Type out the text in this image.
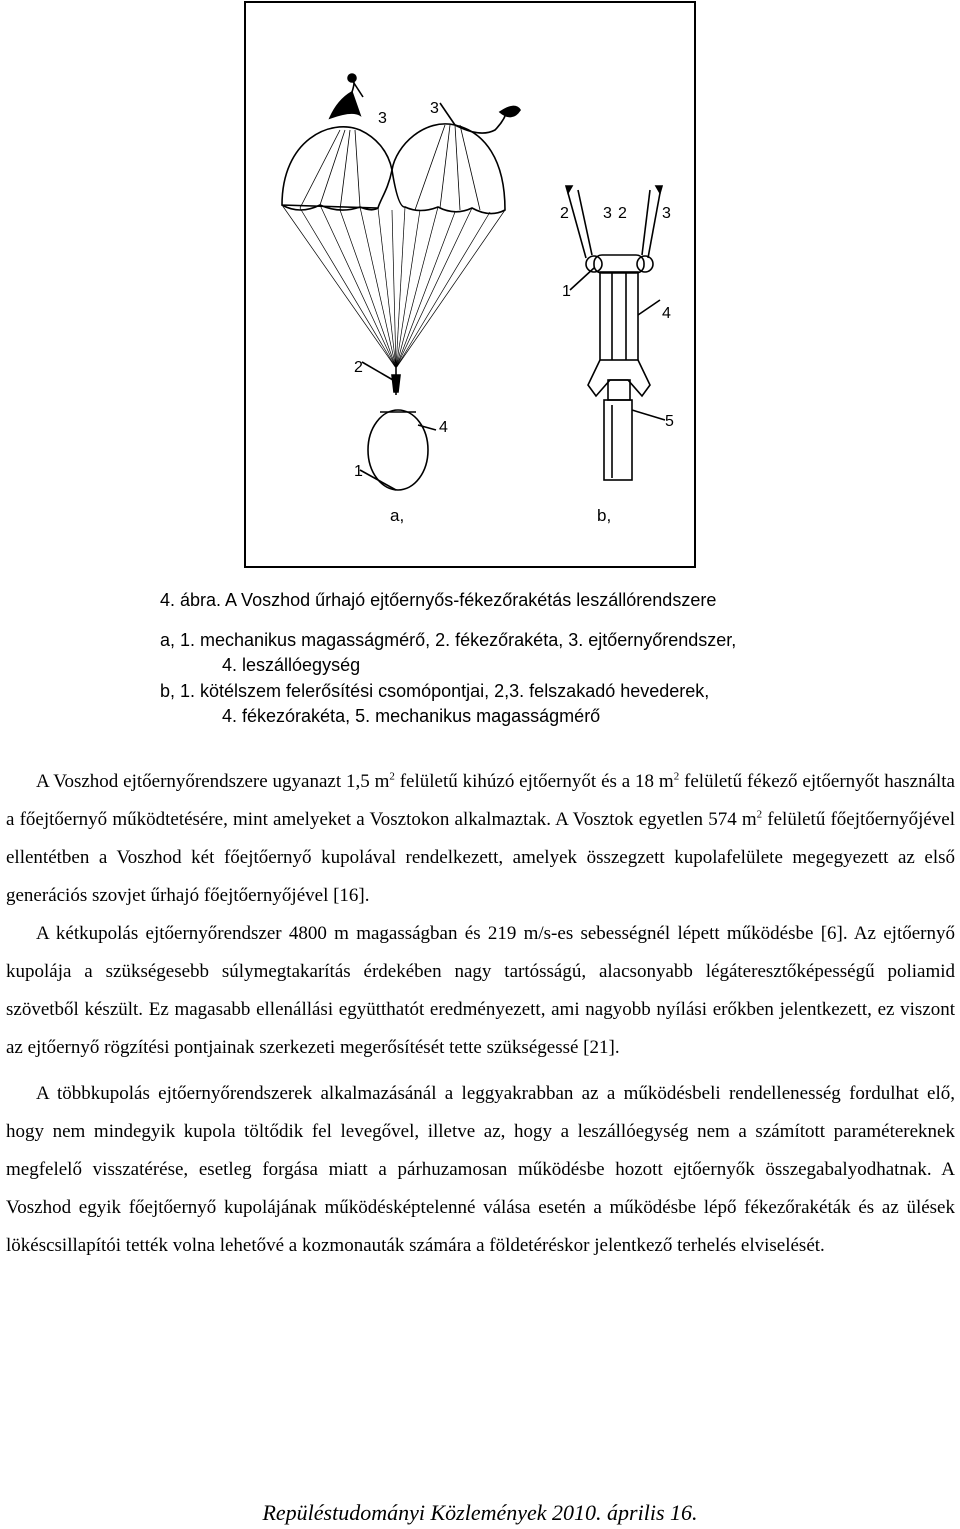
3
3
2
4
1
2 3 2 3
1
4
5
a,	b,
4. ábra. A Voszhod űrhajó ejtőernyős-fékezőrakétás leszállórendszere
a, 1. mechanikus magasságmérő, 2. fékezőrakéta, 3. ejtőernyőrendszer,
4. leszállóegység
b, 1. kötélszem felerősítési csomópontjai, 2,3. felszakadó hevederek,
4. fékezórakéta, 5. mechanikus magasságmérő

A Voszhod ejtőernyőrendszere ugyanazt 1,5 $m^2$ felületű kihúzó ejtőernyőt és a 18 $m^2$ felületű fékező ejtőernyőt használta a főejtőernyő működtetésére, mint amelyeket a Vosztokon alkalmaztak. A Vosztok egyetlen 574 $m^2$ felületű főejtőernyőjével ellentétben a Voszhod két főejtőernyő kupolával rendelkezett, amelyek összegzett kupolafelülete megegyezett az első generációs szovjet űrhajó főejtőernyőjével [16].

A kétkupolás ejtőernyőrendszer 4800 m magasságban és 219 m/s-es sebességnél lépett működésbe [6]. Az ejtőernyő kupolája a szükségesebb súlymegtakarítás érdekében nagy tartósságú, alacsonyabb légáteresztőképességű poliamid szövetből készült. Ez magasabb ellenállási együtthatót eredményezett, ami nagyobb nyílási erőkben jelentkezett, ez viszont az ejtőernyő rögzítési pontjainak szerkezeti megerősítését tette szükségessé [21].

A többkupolás ejtőernyőrendszerek alkalmazásánál a leggyakrabban az a működésbeli rendellenesség fordulhat elő, hogy nem mindegyik kupola töltődik fel levegővel, illetve az, hogy a leszállóegység nem a számított paramétereknek megfelelő visszatérése, esetleg forgása miatt a párhuzamosan működésbe hozott ejtőernyők összegabalyodhatnak. A Voszhod egyik főejtőernyő kupolájának működésképtelenné válása esetén a működésbe lépő fékezőrakéták és az ülések lökéscsillapítói tették volna lehetővé a kozmonauták számára a földetéréskor jelentkező terhelés elviselését.

Repüléstudományi Közlemények 2010. április 16.
